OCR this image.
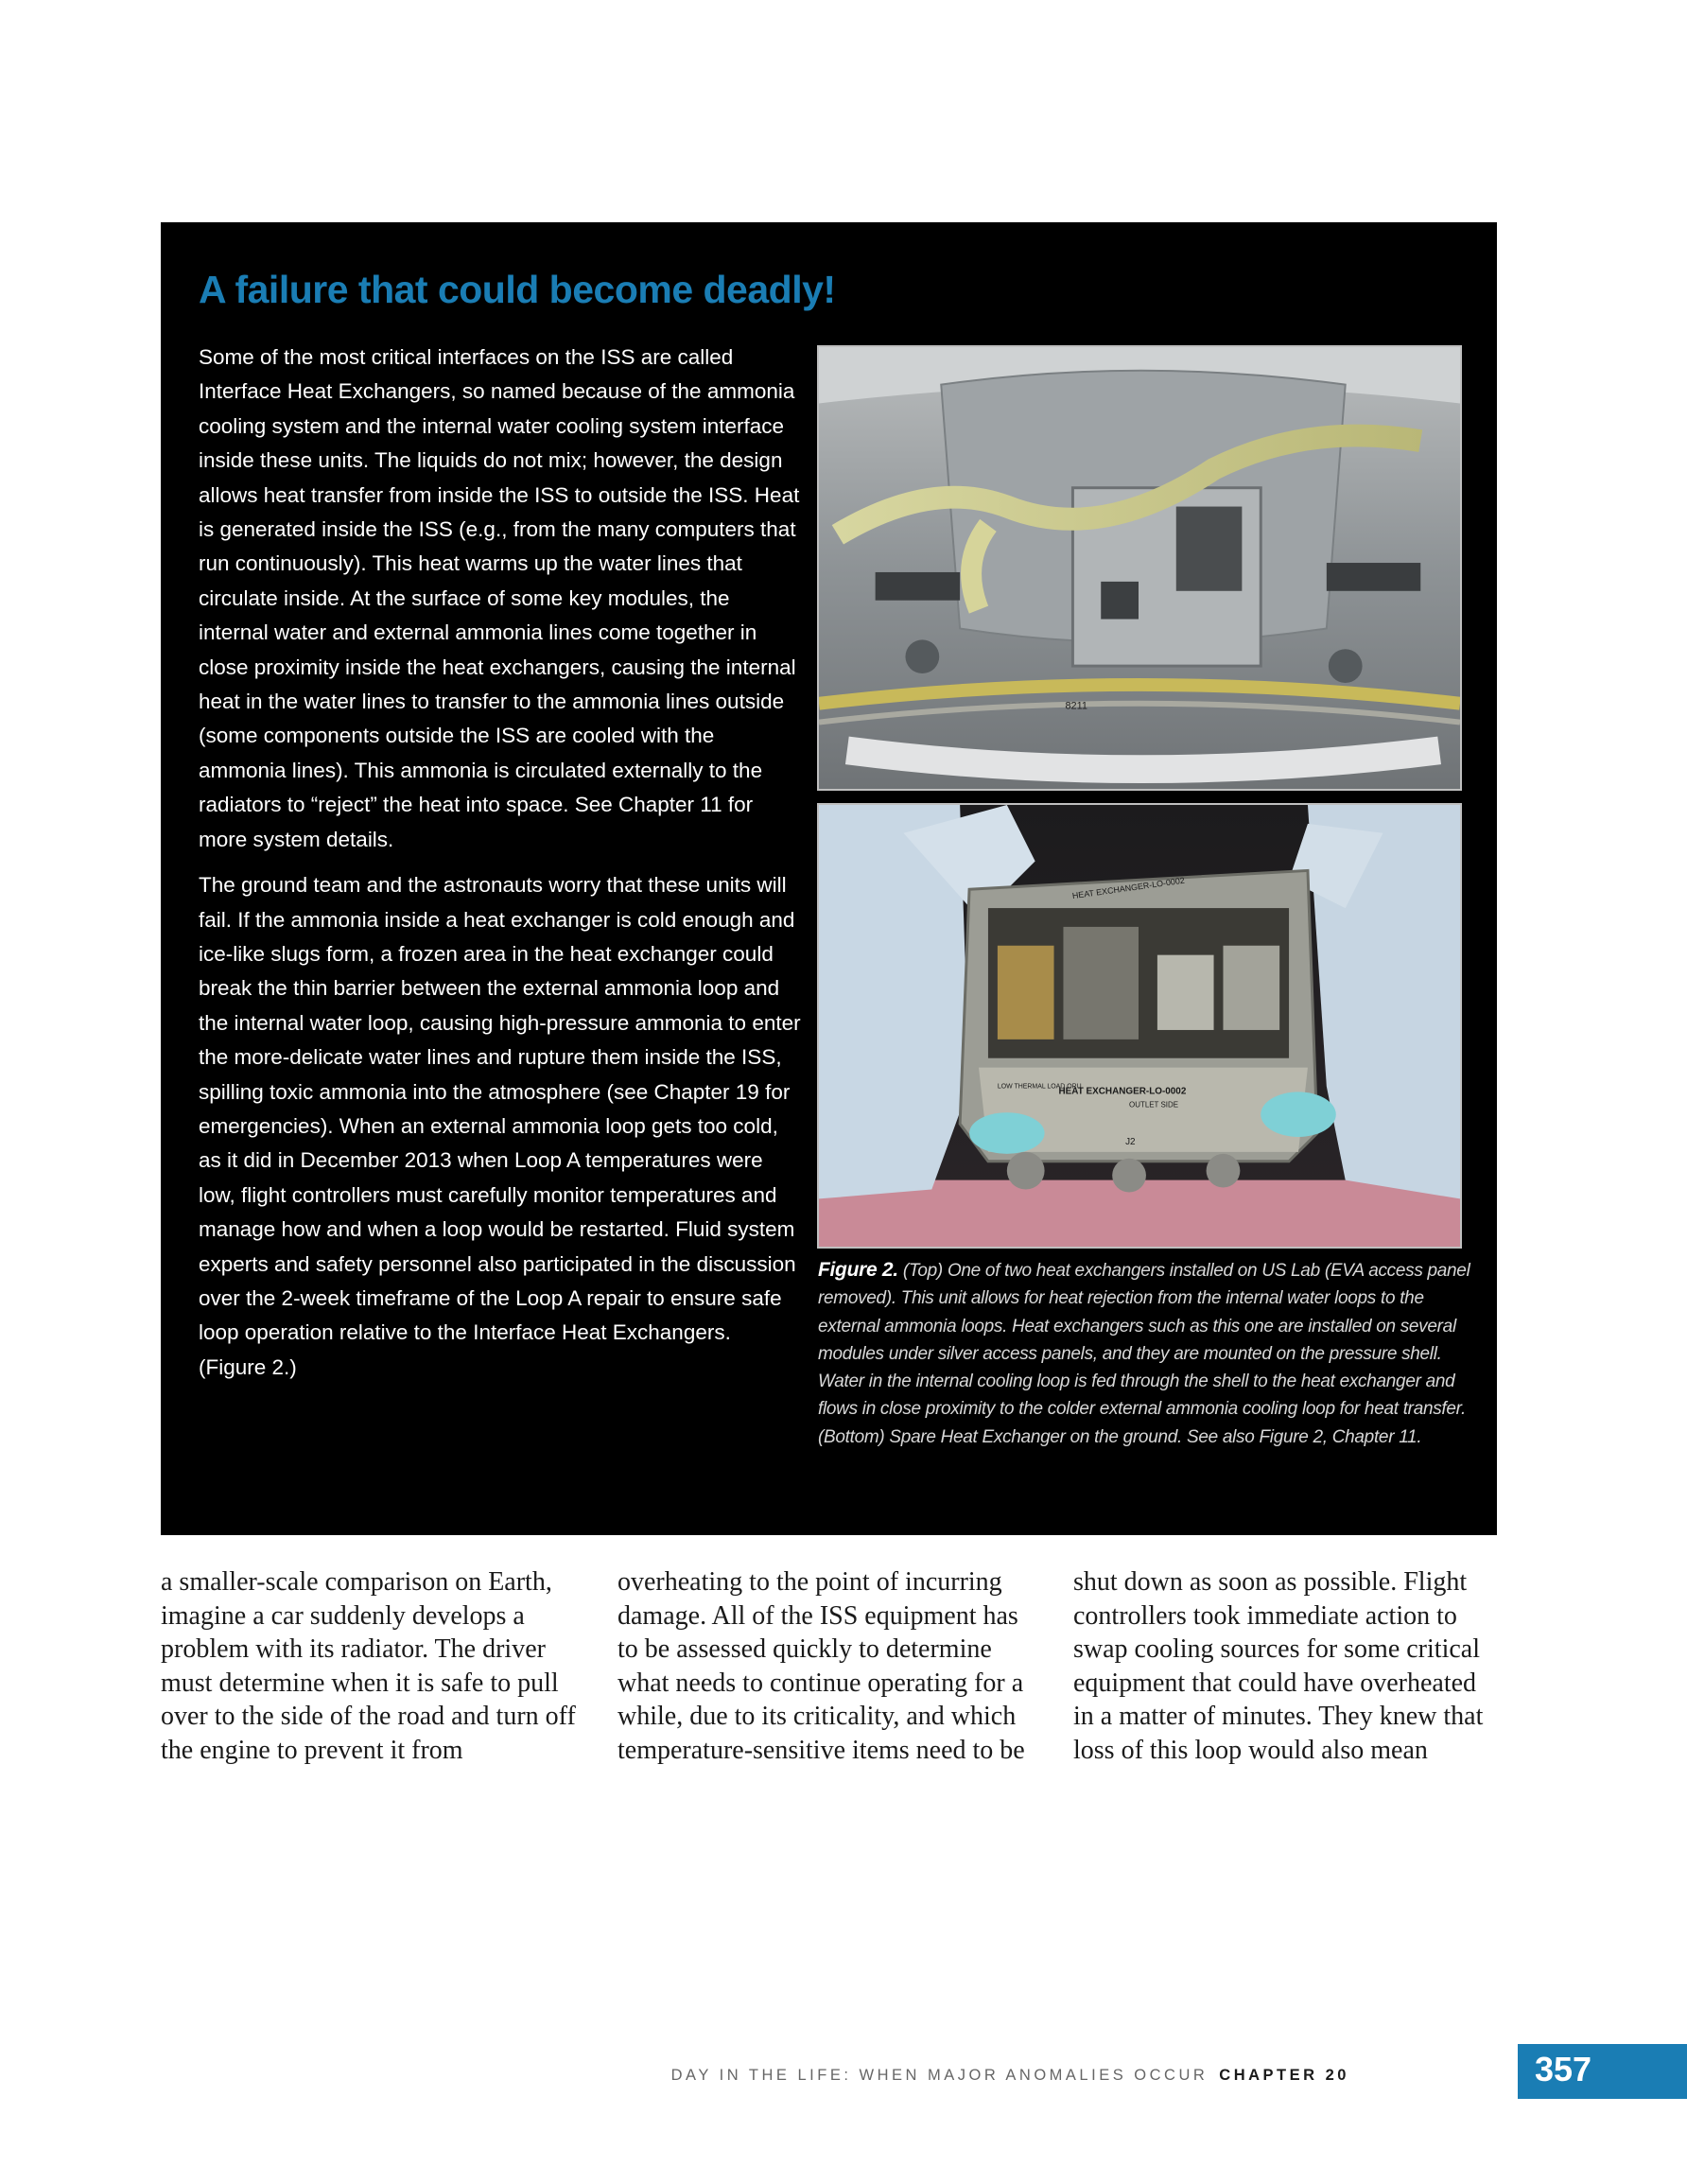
A failure that could become deadly!

Some of the most critical interfaces on the ISS are called Interface Heat Exchangers, so named because of the ammonia cooling system and the internal water cooling system interface inside these units. The liquids do not mix; however, the design allows heat transfer from inside the ISS to outside the ISS. Heat is generated inside the ISS (e.g., from the many computers that run continuously). This heat warms up the water lines that circulate inside. At the surface of some key modules, the internal water and external ammonia lines come together in close proximity inside the heat exchangers, causing the internal heat in the water lines to transfer to the ammonia lines outside (some components outside the ISS are cooled with the ammonia lines). This ammonia is circulated externally to the radiators to “reject” the heat into space. See Chapter 11 for more system details.

The ground team and the astronauts worry that these units will fail. If the ammonia inside a heat exchanger is cold enough and ice-like slugs form, a frozen area in the heat exchanger could break the thin barrier between the external ammonia loop and the internal water loop, causing high-pressure ammonia to enter the more-delicate water lines and rupture them inside the ISS, spilling toxic ammonia into the atmosphere (see Chapter 19 for emergencies). When an external ammonia loop gets too cold, as it did in December 2013 when Loop A temperatures were low, flight controllers must carefully monitor temperatures and manage how and when a loop would be restarted. Fluid system experts and safety personnel also participated in the discussion over the 2-week timeframe of the Loop A repair to ensure safe loop operation relative to the Interface Heat Exchangers. (Figure 2.)

8211
HEAT EXCHANGER-LO-0002
OUTLET SIDE
LOW THERMAL LOAD ORU
HEAT EXCHANGER-LO-0002
J2
Figure 2. (Top) One of two heat exchangers installed on US Lab (EVA access panel removed). This unit allows for heat rejection from the internal water loops to the external ammonia loops. Heat exchangers such as this one are installed on several modules under silver access panels, and they are mounted on the pressure shell. Water in the internal cooling loop is fed through the shell to the heat exchanger and flows in close proximity to the colder external ammonia cooling loop for heat transfer. (Bottom) Spare Heat Exchanger on the ground. See also Figure 2, Chapter 11.
a smaller-scale comparison on Earth, imagine a car suddenly develops a problem with its radiator. The driver must determine when it is safe to pull over to the side of the road and turn off the engine to prevent it from
overheating to the point of incurring damage. All of the ISS equipment has to be assessed quickly to determine what needs to continue operating for a while, due to its criticality, and which temperature-sensitive items need to be
shut down as soon as possible. Flight controllers took immediate action to swap cooling sources for some critical equipment that could have overheated in a matter of minutes. They knew that loss of this loop would also mean
DAY IN THE LIFE: WHEN MAJOR ANOMALIES OCCUR CHAPTER 20	357
